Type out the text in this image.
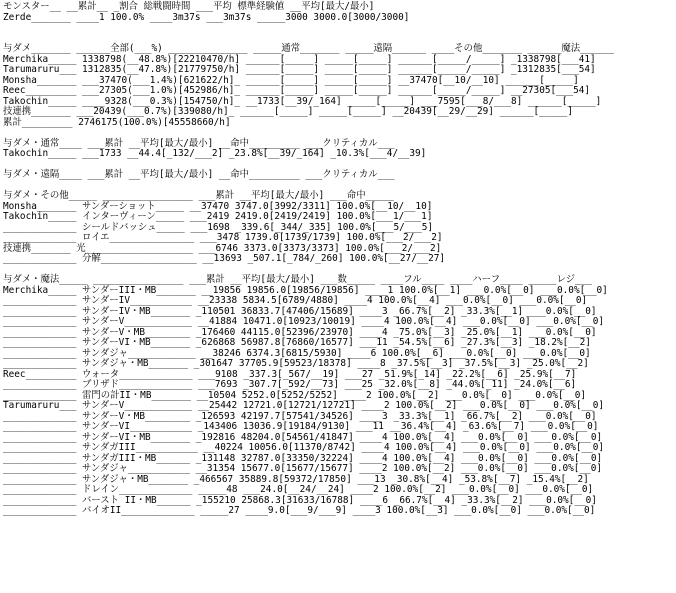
モンスター__ __累計__ _割合 総戦闘時間 ___平均 標準経験値 __平均[最大/最小]
Zerde_______ ____1 100.0% ____3m37s ___3m37s _____3000 3000.0[3000/3000]
与ダメ_______ ______全部(___%) ______________ _____通常_______ _____遠隔______ ____その他_______ ______魔法______
Merchika_____ 1338798(__48.8%)[22210470/h] ______[_____] _____[_____] ______[_____/_____] _1338798[___41]
Tarumaruru___ 1312835(__47.8%)[21779750/h] ______[_____] _____[_____] ______[_____/_____] _1312835[___54]
Monsha_______ ___37470(___1.4%)[621622/h]_ ______[_____] _____[_____] __37470[__10/__10] ______[_____]
Reec_________ ___27305(___1.0%)[452986/h]_ ______[_____] _____[_____] ______[_____/_____] __27305[___54]
Takochin_____ ____9328(___0.3%)[154750/h]_ __1733[__39/_164] _____[_____] ___7595[___8/___8] ______[_____]
技連携_______ ___20439(___0.7%)[339080/h]_ ______[_____] _____[_____] __20439[__29/__29] ______[_____]
累計_________ 2746175(100.0%)[45558660/h]
与ダメ・通常____ ___累計 __平均[最大/最小] __命中_________ ___クリティカル___
Takochin_____ ___1733 __44.4[_132/___2] _23.8%[__39/_164] _10.3%[___4/__39]
与ダメ・遠隔____ ___累計 __平均[最大/最小] __命中_________ ___クリティカル___
与ダメ・その他_____ ________________ ___累計 __平均[最大/最小] ___命中_____
Monsha_______ サンダーショット_____ __37470 3747.0[3992/3311] 100.0%[__10/__10]
Takochin_____ インターヴィーン_____ ___2419 2419.0[2419/2419] 100.0%[___1/___1]
_____________ シールドバッシュ_____ ___1698 _339.6[_344/_335] 100.0%[___5/___5]
_____________ ロイエ_______________ ___3478 1739.0[1739/1739] 100.0%[___2/___2]
技連携_______ 光___________________ ___6746 3373.0[3373/3373] 100.0%[___2/___2]
_____________ 分解_________________ __13693 _507.1[_784/_260] 100.0%[__27/__27]
与ダメ・魔法_____ ________________ ___累計 __平均[最大/最小] ___数_____ ____フル____ ____ハーフ____ _____レジ___
Merchika_____ サンダーIII・MB_______ __19856 19856.0[19856/19856] ____1 100.0%[__1] ___0.0%[__0] ___0.0%[__0]
_____________ サンダーIV___________ __23338 5834.5[6789/4880] ____4 100.0%[__4] ___0.0%[__0] ___0.0%[__0]
_____________ サンダーIV・MB_______ _110501 36833.7[47406/15689] ____3 _66.7%[__2] _33.3%[__1] ___0.0%[__0]
_____________ サンダーV____________ __41884 10471.0[10923/10019] ____4 100.0%[__4] ___0.0%[__0] ___0.0%[__0]
_____________ サンダーV・MB________ _176460 44115.0[52396/23970] ____4 _75.0%[__3] _25.0%[__1] ___0.0%[__0]
_____________ サンダーVI・MB_______ _626868 56987.8[76860/16577] ___11 _54.5%[__6] _27.3%[__3] _18.2%[__2]
_____________ サンダジャ____________ __38246 6374.3[6815/5930] ____6 100.0%[__6] ___0.0%[__0] ___0.0%[__0]
_____________ サンダジャ・MB_______ _301647 37705.9[59523/18378] ____8 _37.5%[__3] _37.5%[__3] _25.0%[__2]
Reec_________ ウォータ_____________ ___9108 _337.3[_567/__19] ___27 _51.9%[_14] _22.2%[__6] _25.9%[__7]
_____________ ブリザド_____________ ___7693 _307.7[_592/__73] ___25 _32.0%[__8] _44.0%[_11] _24.0%[__6]
_____________ 雷門の計II・MB_______ __10504 5252.0[5252/5252] ____2 100.0%[__2] ___0.0%[__0] ___0.0%[__0]
Tarumaruru___ サンダーV____________ __25442 12721.0[12721/12721] ____2 100.0%[__2] ___0.0%[__0] ___0.0%[__0]
_____________ サンダーV・MB________ _126593 42197.7[57541/34526] ____3 _33.3%[__1] _66.7%[__2] ___0.0%[__0]
_____________ サンダーVI___________ _143406 13036.9[19184/9130] ___11 __36.4%[__4] _63.6%[__7] ___0.0%[__0]
_____________ サンダーVI・MB_______ _192816 48204.0[54561/41847] ____4 100.0%[__4] ___0.0%[__0] ___0.0%[__0]
_____________ サンダガIII___________ __40224 10056.0[11370/8742] ____4 100.0%[__4] ___0.0%[__0] ___0.0%[__0]
_____________ サンダガIII・MB______ _131148 32787.0[33350/32224] ____4 100.0%[__4] ___0.0%[__0] ___0.0%[__0]
_____________ サンダジャ___________ __31354 15677.0[15677/15677] ____2 100.0%[__2] ___0.0%[__0] ___0.0%[__0]
_____________ サンダジャ・MB_______ _466567 35889.8[59372/17850] ___13 _30.8%[__4] _53.8%[__7] _15.4%[__2]
_____________ ドレイン_____________ _____48 ___24.0[__24/__24] ____2 100.0%[__2] ___0.0%[__0] ___0.0%[__0]
_____________ バースト II・MB______ _155210 25868.3[31633/16788] ____6 _66.7%[__4] _33.3%[__2] ___0.0%[__0]
_____________ バイオII_____________ _____27 ____9.0[___9/___9] ____3 100.0%[__3] ___0.0%[__0] ___0.0%[__0]
